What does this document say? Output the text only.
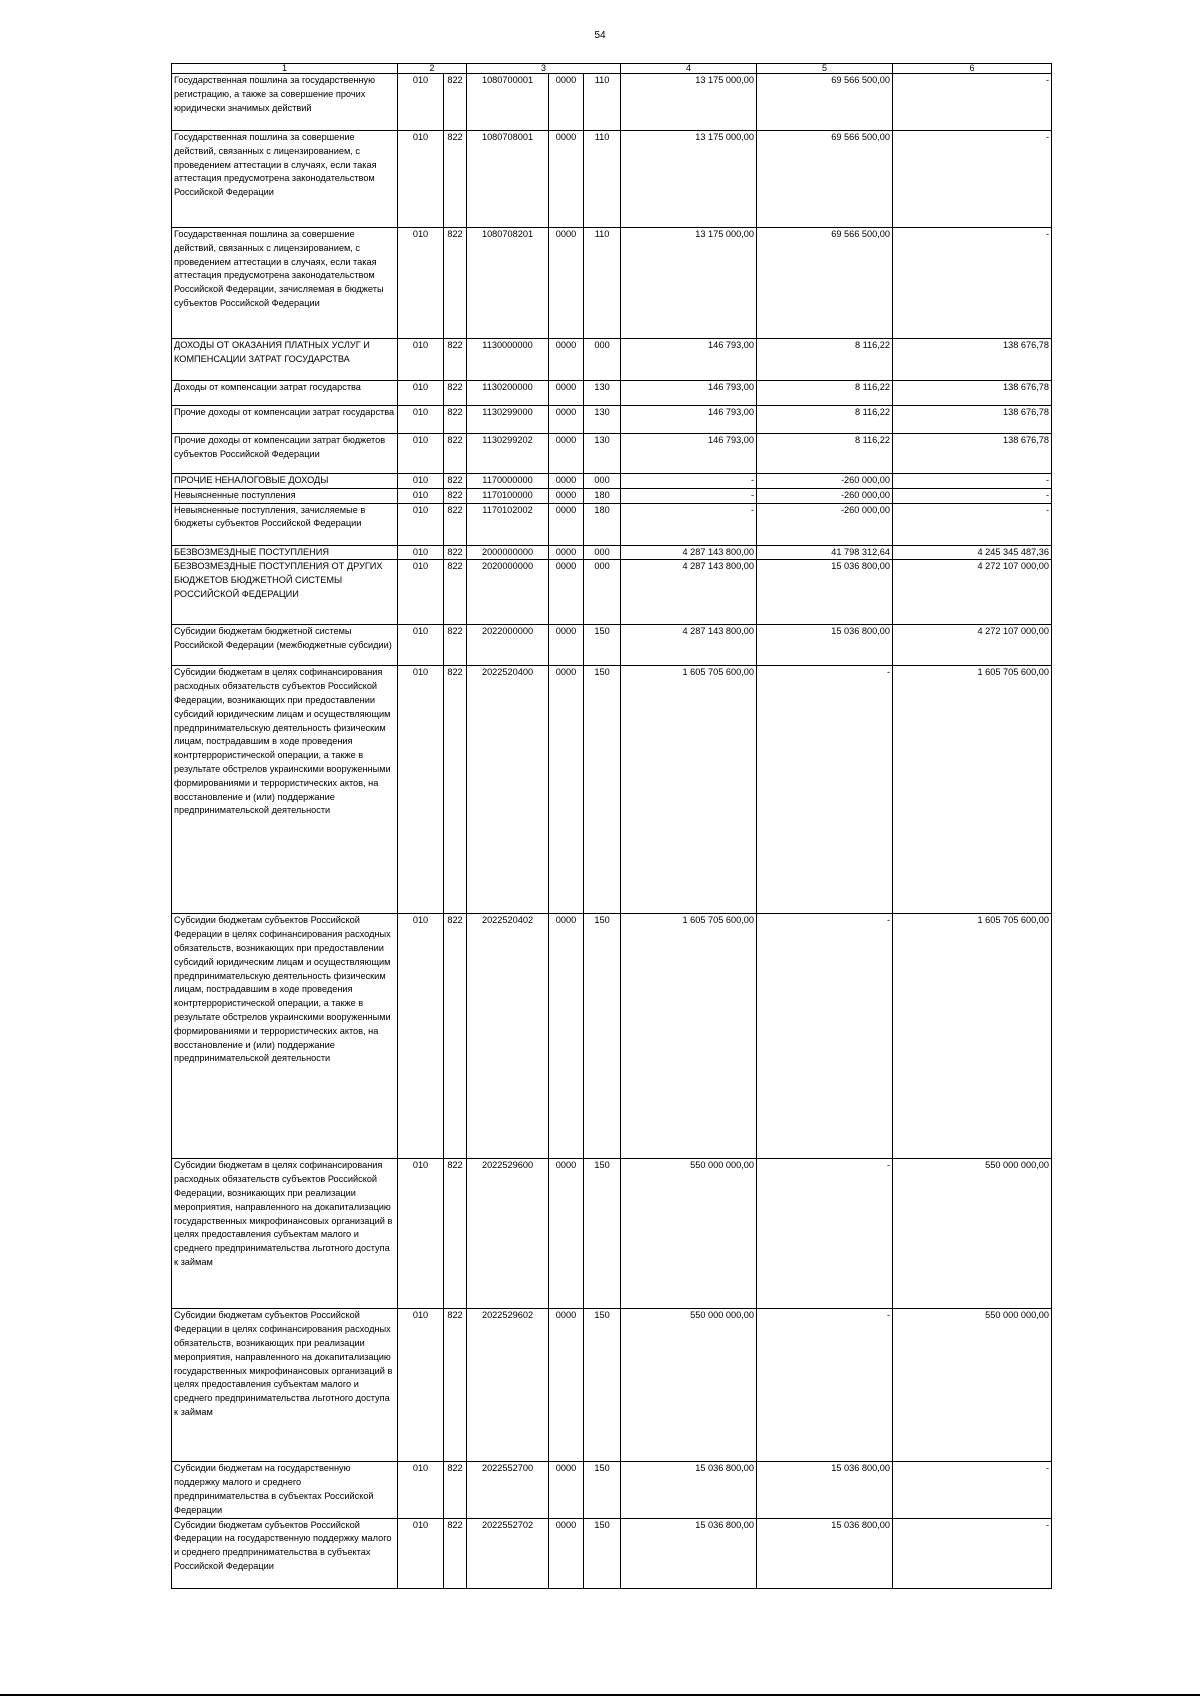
54
1	2		3			4	5	6
Государственная пошлина за государственную регистрацию, а также за совершение прочих юридически значимых действий	010	822	1080700001	0000	110	13 175 000,00	69 566 500,00	-
Государственная пошлина за совершение действий, связанных с лицензированием, с проведением аттестации в случаях, если такая аттестация предусмотрена законодательством Российской Федерации	010	822	1080708001	0000	110	13 175 000,00	69 566 500,00	-
Государственная пошлина за совершение действий, связанных с лицензированием, с проведением аттестации в случаях, если такая аттестация предусмотрена законодательством Российской Федерации, зачисляемая в бюджеты субъектов Российской Федерации	010	822	1080708201	0000	110	13 175 000,00	69 566 500,00	-
ДОХОДЫ ОТ ОКАЗАНИЯ ПЛАТНЫХ УСЛУГ И КОМПЕНСАЦИИ ЗАТРАТ ГОСУДАРСТВА	010	822	1130000000	0000	000	146 793,00	8 116,22	138 676,78
Доходы от компенсации затрат государства	010	822	1130200000	0000	130	146 793,00	8 116,22	138 676,78
Прочие доходы от компенсации затрат государства	010	822	1130299000	0000	130	146 793,00	8 116,22	138 676,78
Прочие доходы от компенсации затрат бюджетов субъектов Российской Федерации	010	822	1130299202	0000	130	146 793,00	8 116,22	138 676,78
ПРОЧИЕ НЕНАЛОГОВЫЕ ДОХОДЫ	010	822	1170000000	0000	000	-	-260 000,00	-
Невыясненные поступления	010	822	1170100000	0000	180	-	-260 000,00	-
Невыясненные поступления, зачисляемые в бюджеты субъектов Российской Федерации	010	822	1170102002	0000	180	-	-260 000,00	-
БЕЗВОЗМЕЗДНЫЕ ПОСТУПЛЕНИЯ	010	822	2000000000	0000	000	4 287 143 800,00	41 798 312,64	4 245 345 487,36
БЕЗВОЗМЕЗДНЫЕ ПОСТУПЛЕНИЯ ОТ ДРУГИХ БЮДЖЕТОВ БЮДЖЕТНОЙ СИСТЕМЫ РОССИЙСКОЙ ФЕДЕРАЦИИ	010	822	2020000000	0000	000	4 287 143 800,00	15 036 800,00	4 272 107 000,00
Субсидии бюджетам бюджетной системы Российской Федерации (межбюджетные субсидии)	010	822	2022000000	0000	150	4 287 143 800,00	15 036 800,00	4 272 107 000,00
Субсидии бюджетам в целях софинансирования расходных обязательств субъектов Российской Федерации, возникающих при предоставлении субсидий юридическим лицам и осуществляющим предпринимательскую деятельность физическим лицам, пострадавшим в ходе проведения контртеррористической операции, а также в результате обстрелов украинскими вооруженными формированиями и террористических актов, на восстановление и (или) поддержание предпринимательской деятельности	010	822	2022520400	0000	150	1 605 705 600,00	-	1 605 705 600,00
Субсидии бюджетам субъектов Российской Федерации в целях софинансирования расходных обязательств, возникающих при предоставлении субсидий юридическим лицам и осуществляющим предпринимательскую деятельность физическим лицам, пострадавшим в ходе проведения контртеррористической операции, а также в результате обстрелов украинскими вооруженными формированиями и террористических актов, на восстановление и (или) поддержание предпринимательской деятельности	010	822	2022520402	0000	150	1 605 705 600,00	-	1 605 705 600,00
Субсидии бюджетам в целях софинансирования расходных обязательств субъектов Российской Федерации, возникающих при реализации мероприятия, направленного на докапитализацию государственных микрофинансовых организаций в целях предоставления субъектам малого и среднего предпринимательства льготного доступа к займам	010	822	2022529600	0000	150	550 000 000,00	-	550 000 000,00
Субсидии бюджетам субъектов Российской Федерации в целях софинансирования расходных обязательств, возникающих при реализации мероприятия, направленного на докапитализацию государственных микрофинансовых организаций в целях предоставления субъектам малого и среднего предпринимательства льготного доступа к займам	010	822	2022529602	0000	150	550 000 000,00	-	550 000 000,00
Субсидии бюджетам на государственную поддержку малого и среднего предпринимательства в субъектах Российской Федерации	010	822	2022552700	0000	150	15 036 800,00	15 036 800,00	-
Субсидии бюджетам субъектов Российской Федерации на государственную поддержку малого и среднего предпринимательства в субъектах Российской Федерации	010	822	2022552702	0000	150	15 036 800,00	15 036 800,00	-
